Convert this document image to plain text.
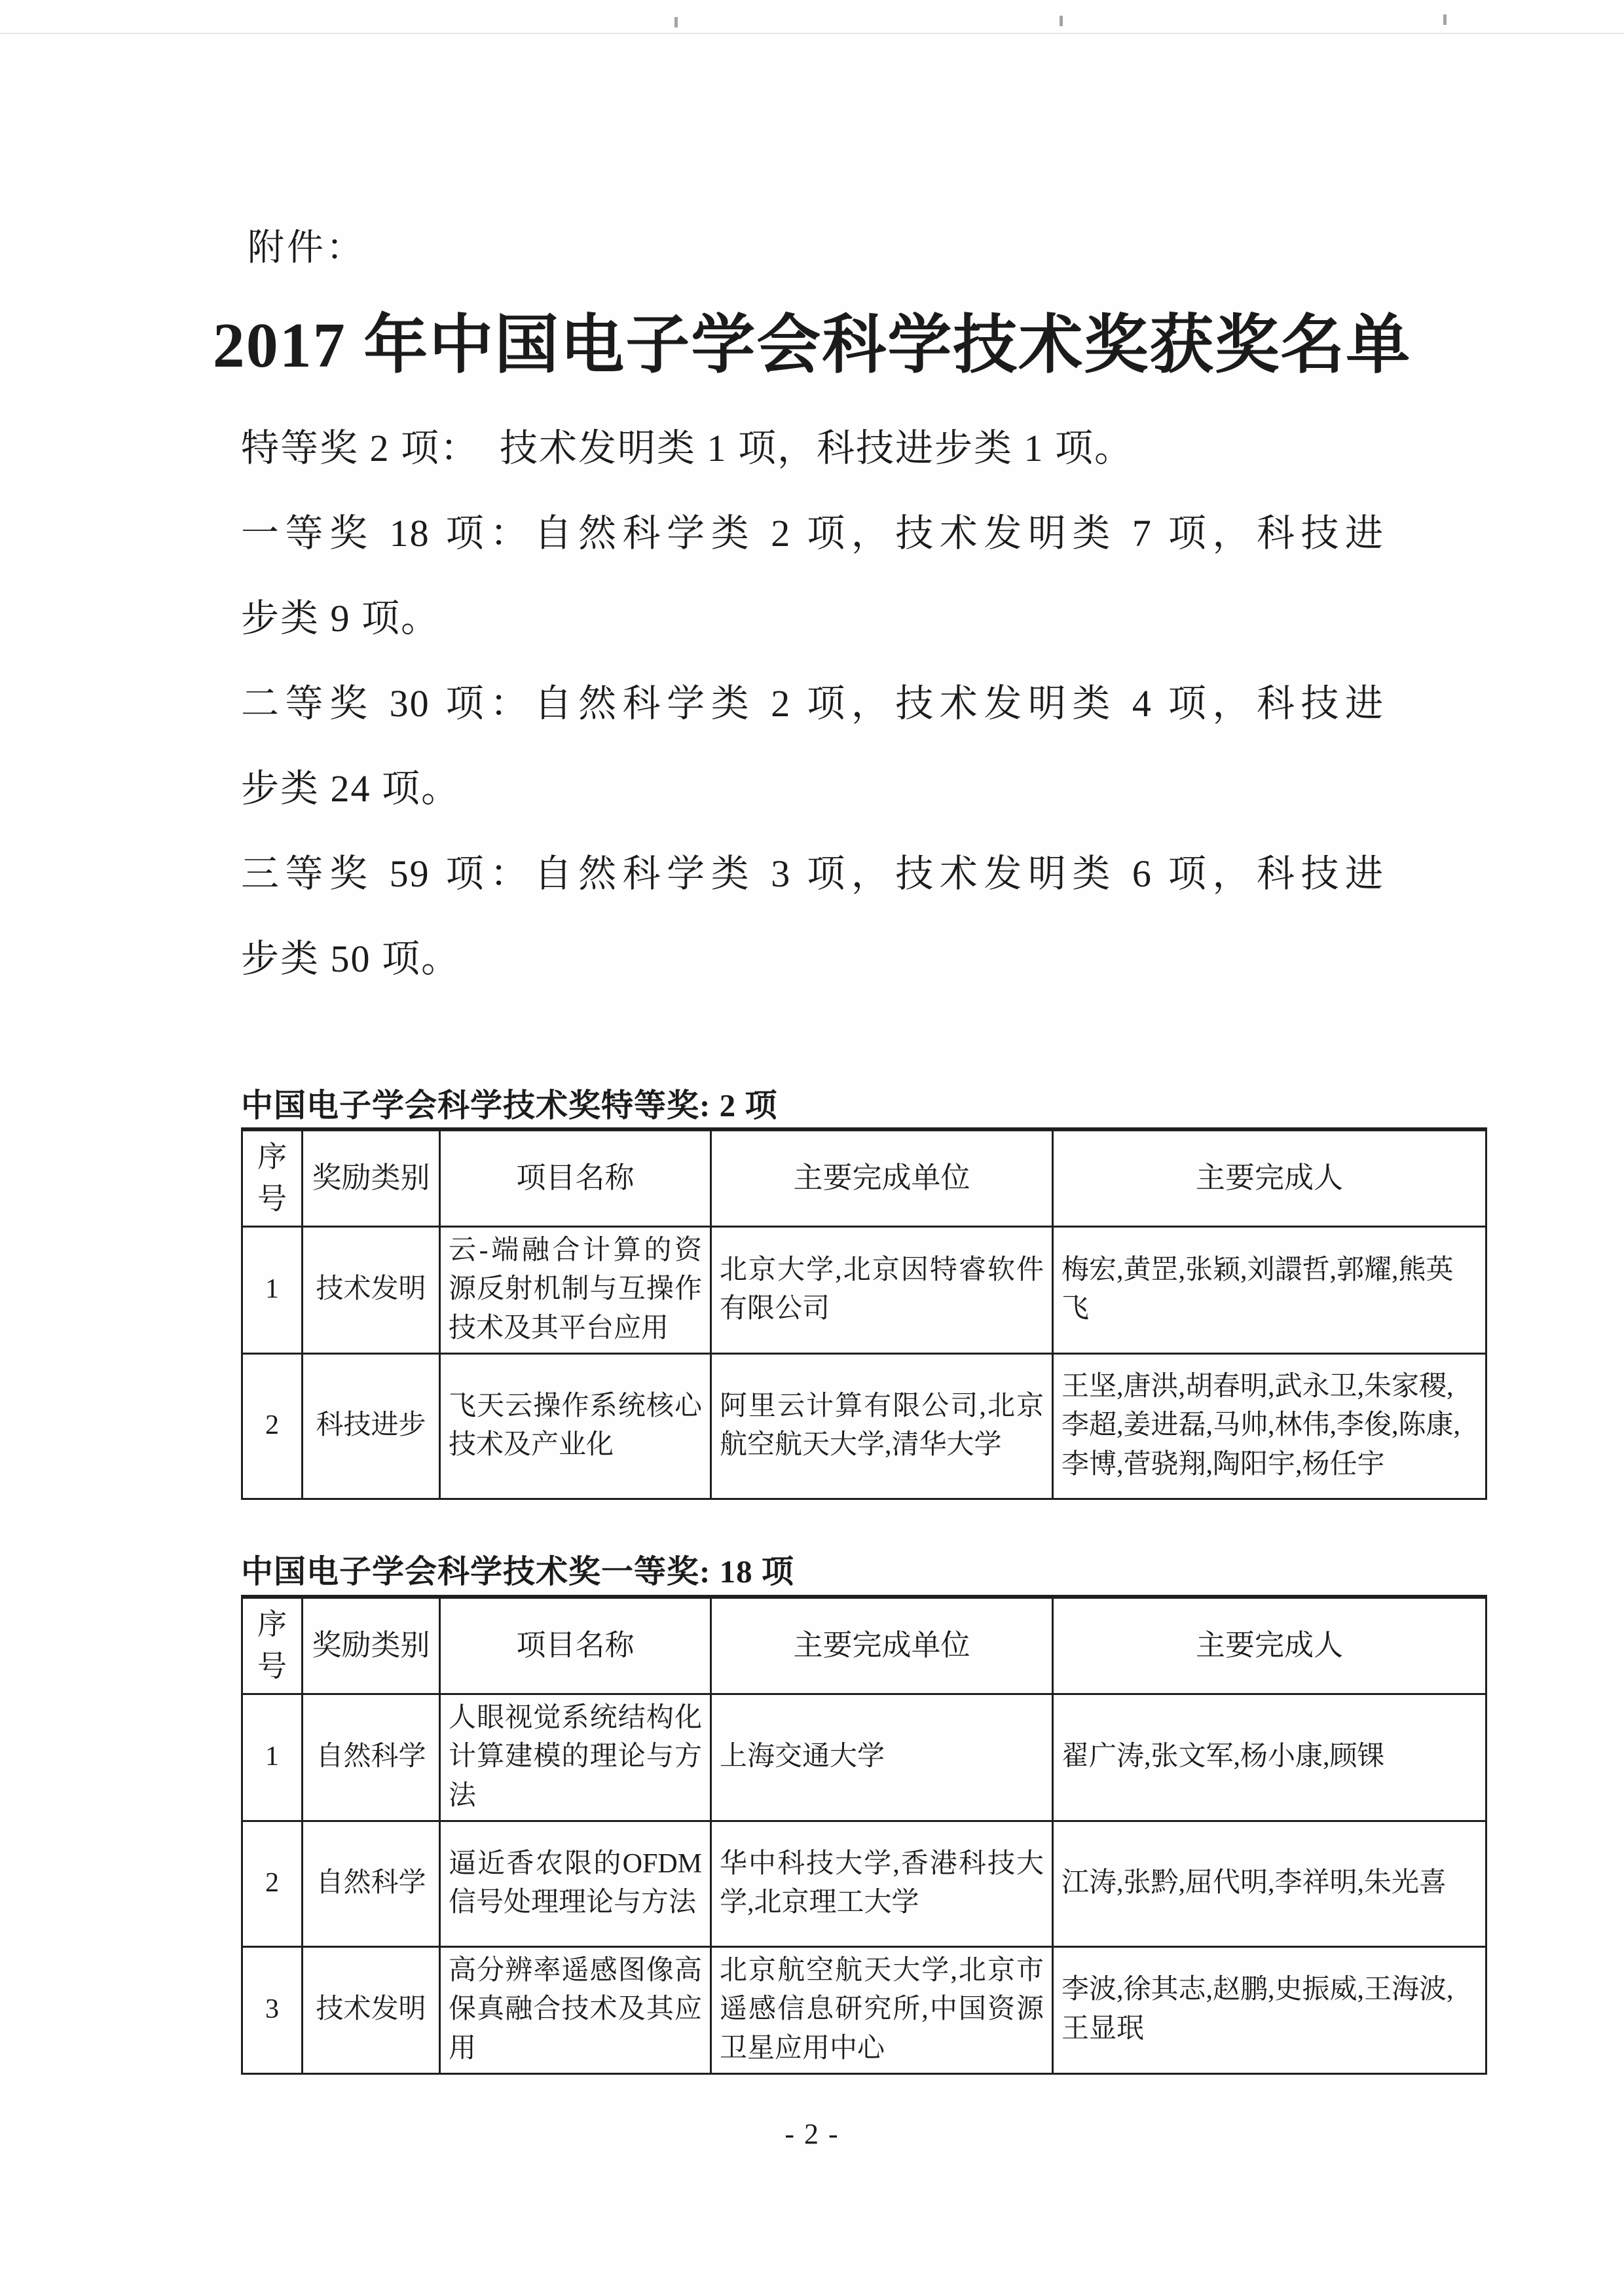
附件：
2017 年中国电子学会科学技术奖获奖名单
特等奖 2 项：　技术发明类 1 项，科技进步类 1 项。
一等奖 18 项：自然科学类 2 项，技术发明类 7 项，科技进
步类 9 项。
二等奖 30 项：自然科学类 2 项，技术发明类 4 项，科技进
步类 24 项。
三等奖 59 项：自然科学类 3 项，技术发明类 6 项，科技进
步类 50 项。
中国电子学会科学技术奖特等奖: 2 项
序号	奖励类别	项目名称	主要完成单位	主要完成人
1	技术发明	云-端融合计算的资源反射机制与互操作技术及其平台应用	北京大学,北京因特睿软件有限公司	梅宏,黄罡,张颖,刘譞哲,郭耀,熊英飞
2	科技进步	飞天云操作系统核心技术及产业化	阿里云计算有限公司,北京航空航天大学,清华大学	王坚,唐洪,胡春明,武永卫,朱家稷,李超,姜进磊,马帅,林伟,李俊,陈康,李博,菅骁翔,陶阳宇,杨任宇
中国电子学会科学技术奖一等奖: 18 项
序号	奖励类别	项目名称	主要完成单位	主要完成人
1	自然科学	人眼视觉系统结构化计算建模的理论与方法	上海交通大学	翟广涛,张文军,杨小康,顾锞
2	自然科学	逼近香农限的OFDM信号处理理论与方法	华中科技大学,香港科技大学,北京理工大学	江涛,张黔,屈代明,李祥明,朱光喜
3	技术发明	高分辨率遥感图像高保真融合技术及其应用	北京航空航天大学,北京市遥感信息研究所,中国资源卫星应用中心	李波,徐其志,赵鹏,史振威,王海波,王显珉
- 2 -
